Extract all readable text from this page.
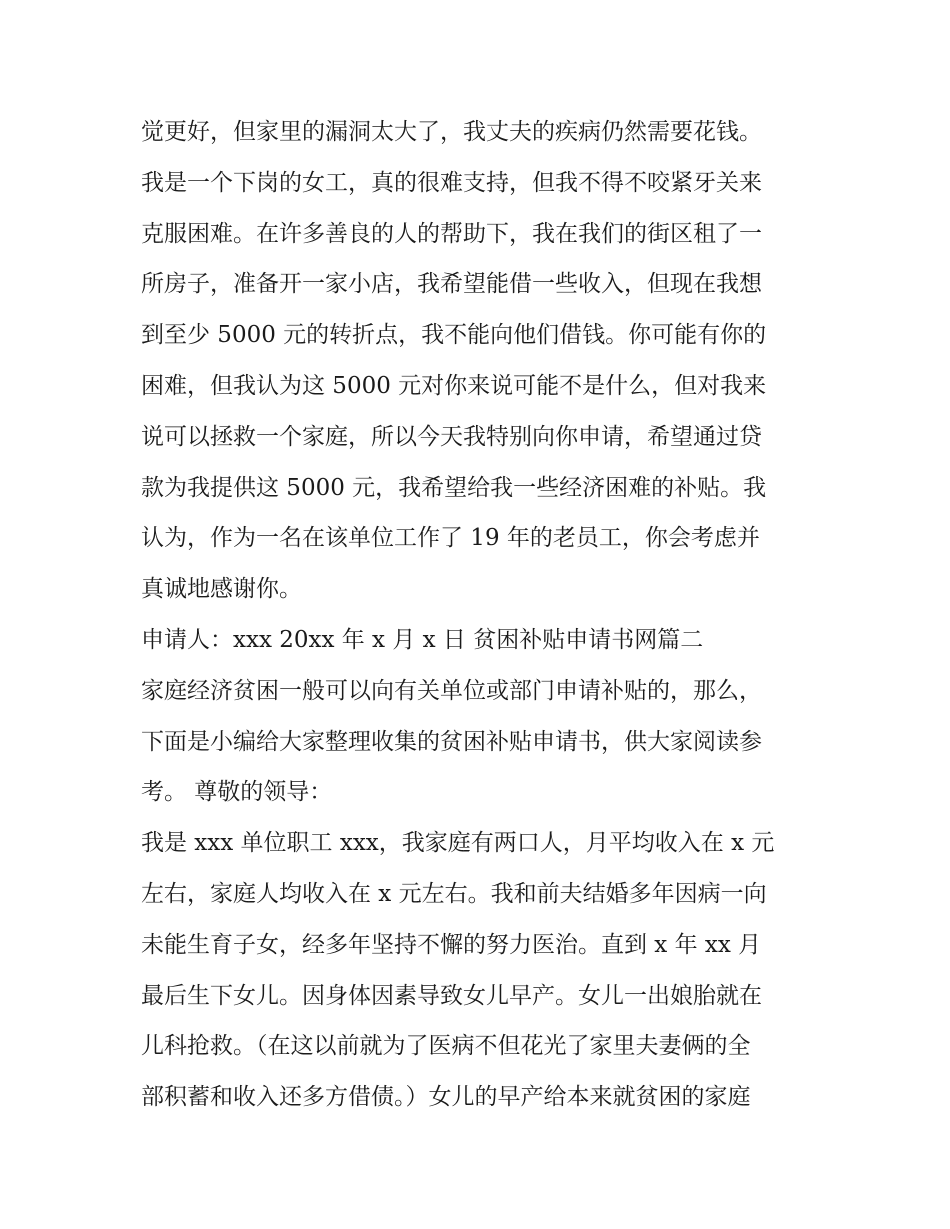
觉更好，但家里的漏洞太大了，我丈夫的疾病仍然需要花钱。
我是一个下岗的女工，真的很难支持，但我不得不咬紧牙关来
克服困难。在许多善良的人的帮助下，我在我们的街区租了一
所房子，准备开一家小店，我希望能借一些收入，但现在我想
到至少 5000 元的转折点，我不能向他们借钱。你可能有你的
困难，但我认为这 5000 元对你来说可能不是什么，但对我来
说可以拯救一个家庭，所以今天我特别向你申请，希望通过贷
款为我提供这 5000 元，我希望给我一些经济困难的补贴。我
认为，作为一名在该单位工作了 19 年的老员工，你会考虑并
真诚地感谢你。
申请人：xxx 20xx 年 x 月 x 日 贫困补贴申请书网篇二
家庭经济贫困一般可以向有关单位或部门申请补贴的，那么，
下面是小编给大家整理收集的贫困补贴申请书，供大家阅读参
考。 尊敬的领导：
我是 xxx 单位职工 xxx，我家庭有两口人，月平均收入在 x 元
左右，家庭人均收入在 x 元左右。我和前夫结婚多年因病一向
未能生育子女，经多年坚持不懈的努力医治。直到 x 年 xx 月
最后生下女儿。因身体因素导致女儿早产。女儿一出娘胎就在
儿科抢救。（在这以前就为了医病不但花光了家里夫妻俩的全
部积蓄和收入还多方借债。）女儿的早产给本来就贫困的家庭
